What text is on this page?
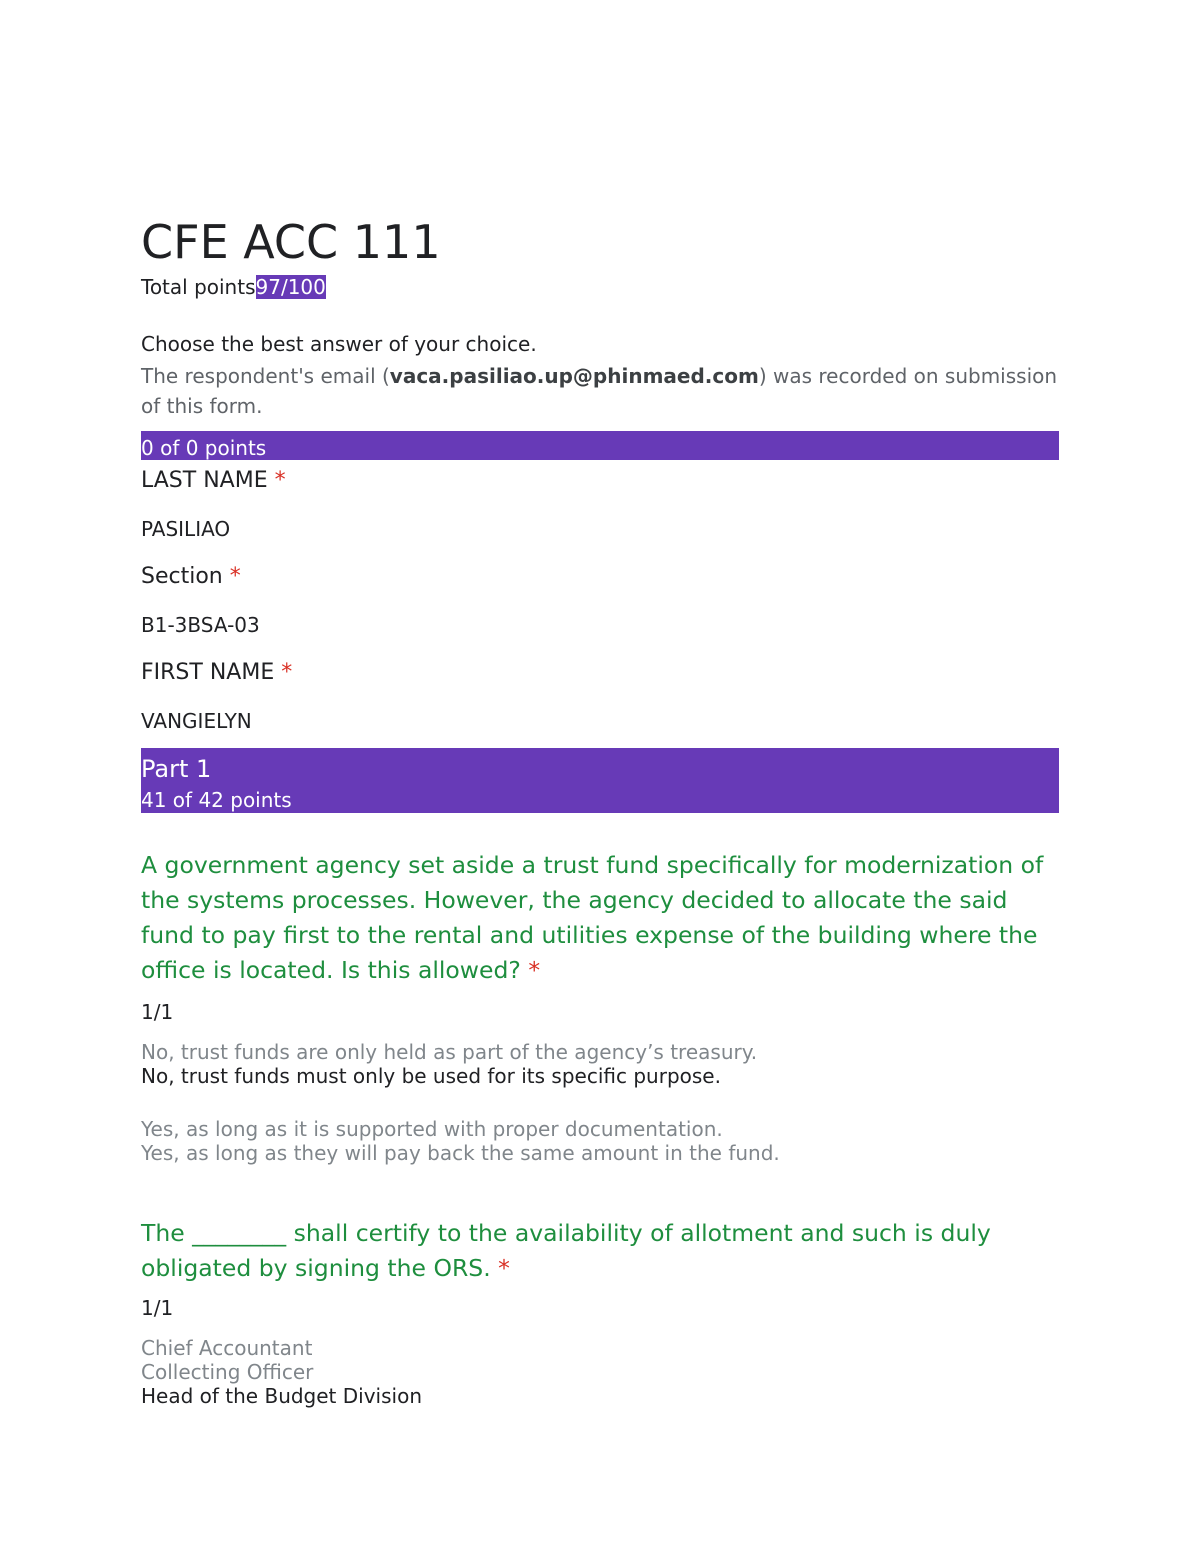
CFE ACC 111
Total points97/100
Choose the best answer of your choice.
The respondent's email (vaca.pasiliao.up@phinmaed.com) was recorded on submission of this form.
0 of 0 points
LAST NAME *
PASILIAO
Section *
B1-3BSA-03
FIRST NAME *
VANGIELYN
Part 1
41 of 42 points
A government agency set aside a trust fund specifically for modernization of the systems processes. However, the agency decided to allocate the said fund to pay first to the rental and utilities expense of the building where the office is located. Is this allowed? *
1/1
No, trust funds are only held as part of the agency’s treasury.
No, trust funds must only be used for its specific purpose.
Yes, as long as it is supported with proper documentation.
Yes, as long as they will pay back the same amount in the fund.
The ________ shall certify to the availability of allotment and such is duly obligated by signing the ORS. *
1/1
Chief Accountant
Collecting Officer
Head of the Budget Division
